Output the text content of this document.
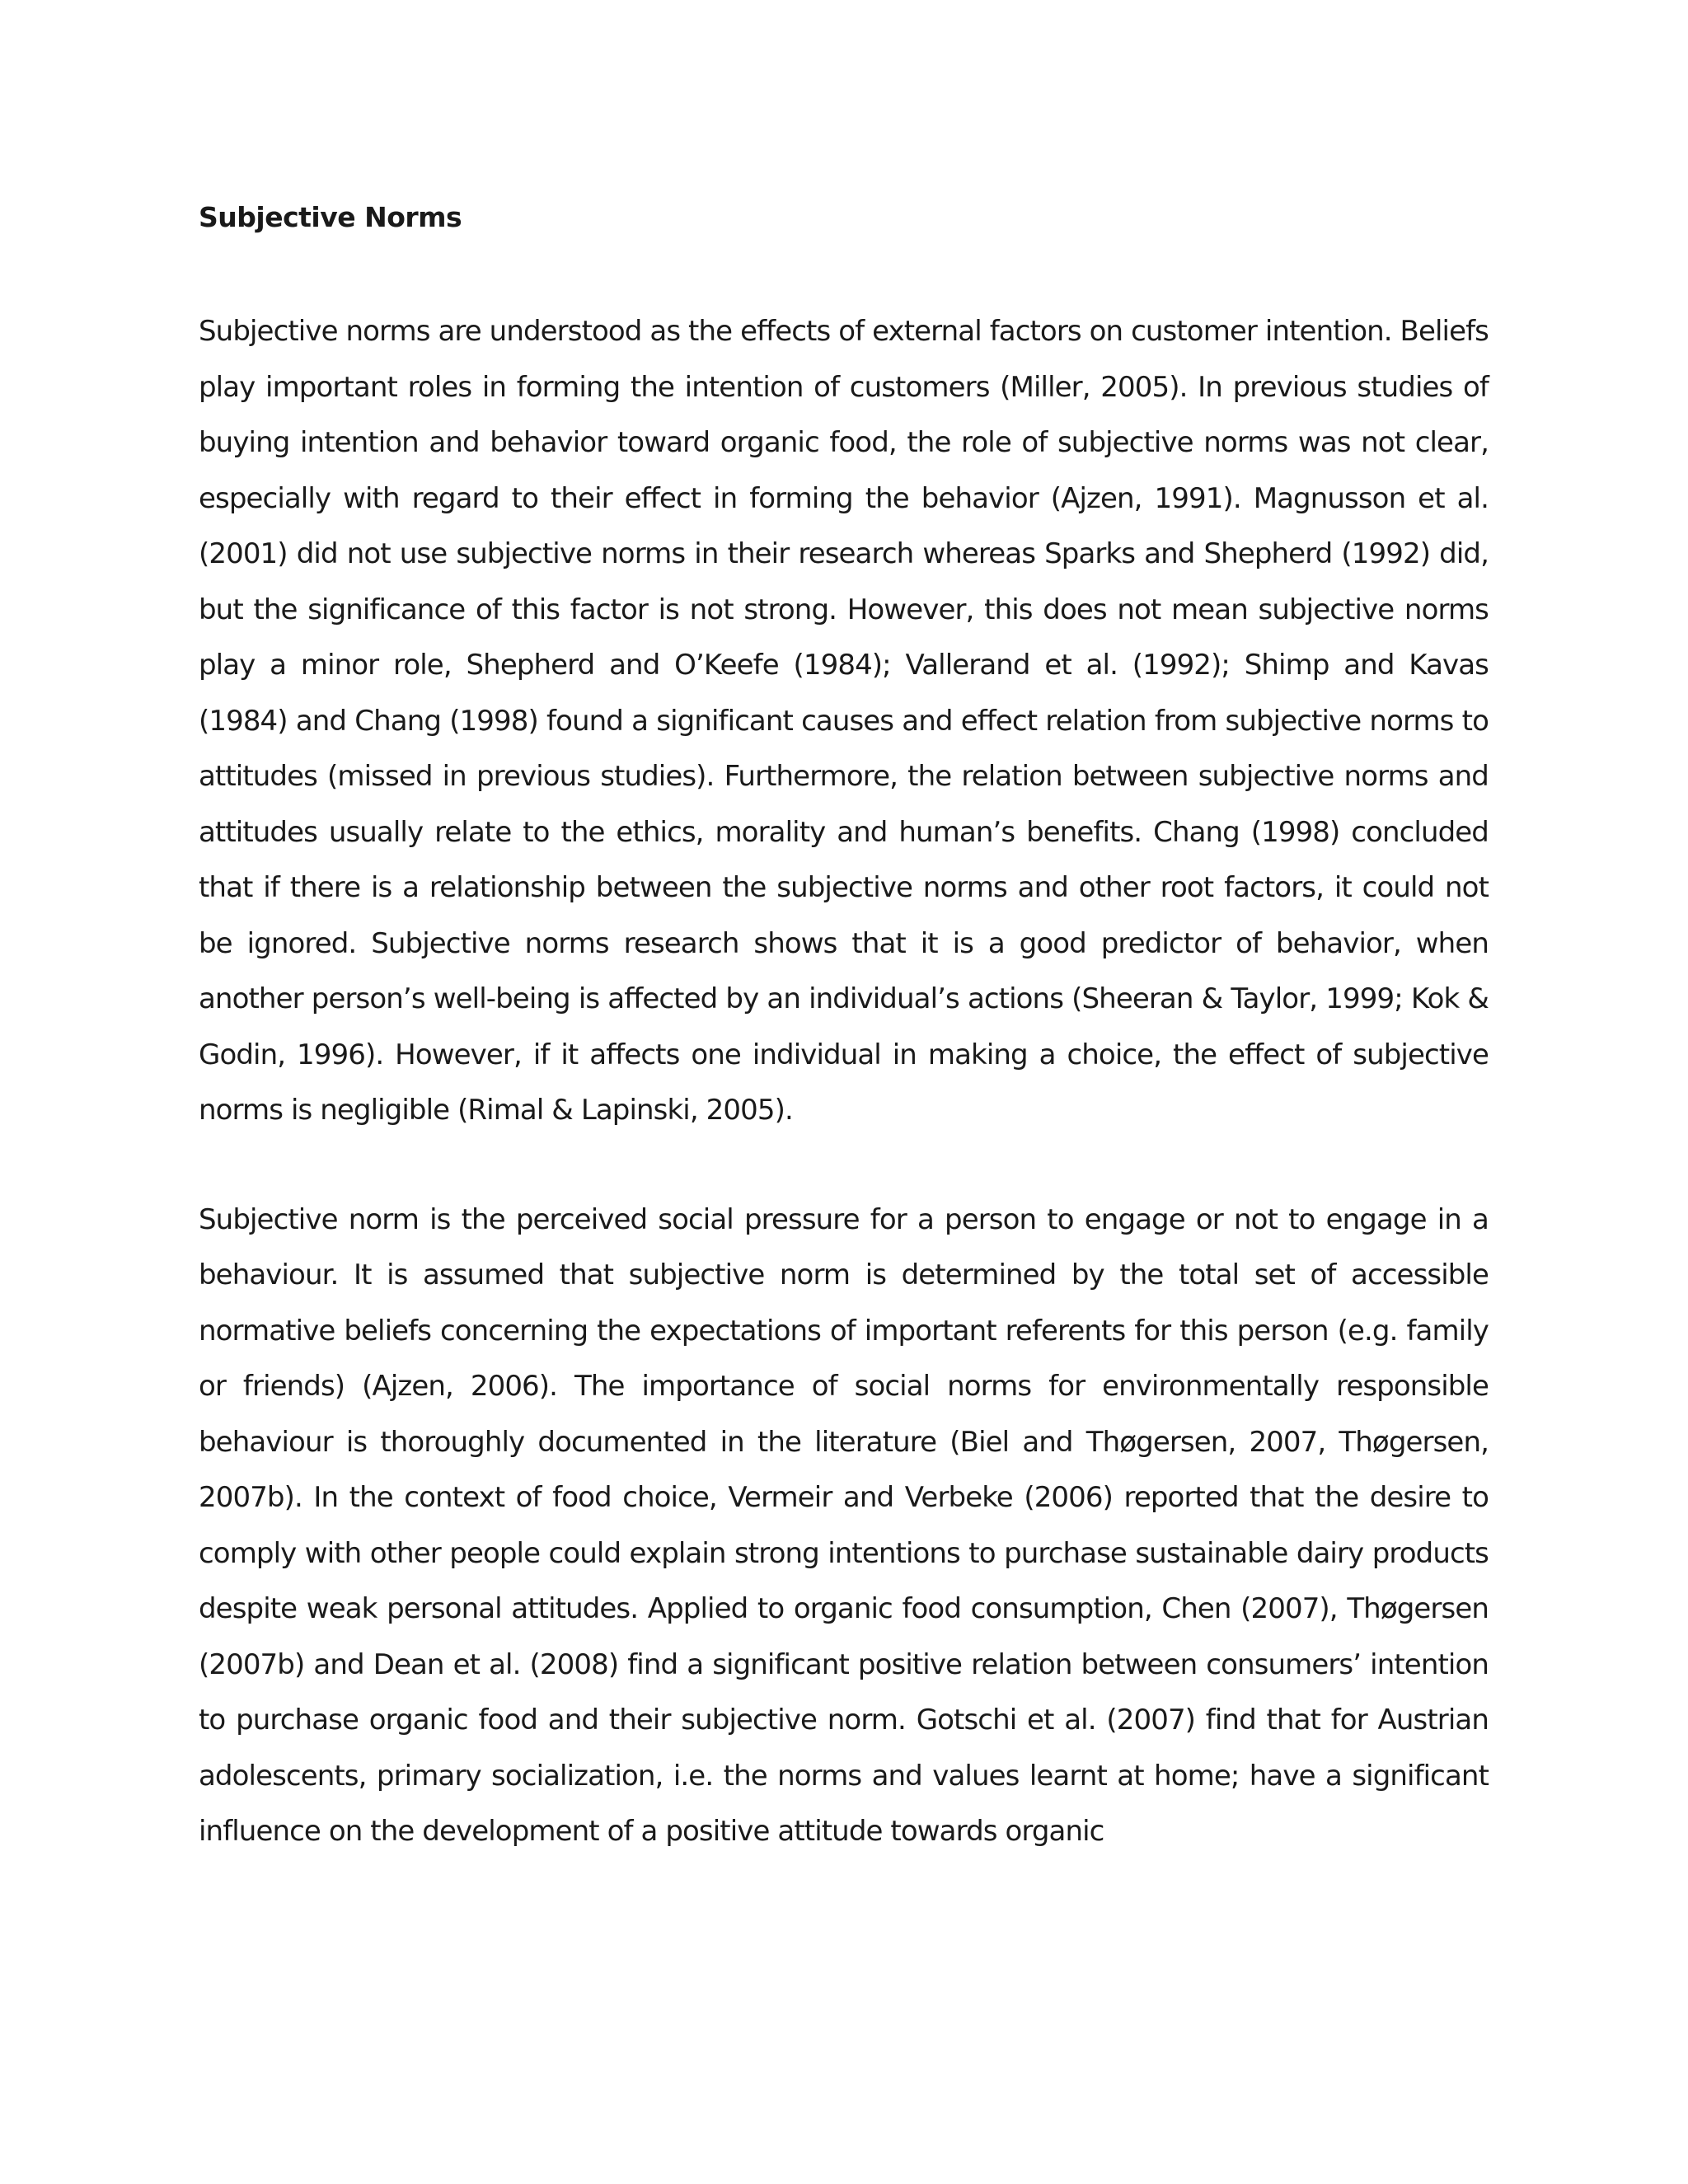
Subjective Norms

Subjective norms are understood as the effects of external factors on customer intention. Beliefs play important roles in forming the intention of customers (Miller, 2005). In previous studies of buying intention and behavior toward organic food, the role of subjective norms was not clear, especially with regard to their effect in forming the behavior (Ajzen, 1991). Magnusson et al. (2001) did not use subjective norms in their research whereas Sparks and Shepherd (1992) did, but the significance of this factor is not strong. However, this does not mean subjective norms play a minor role, Shepherd and O’Keefe (1984); Vallerand et al. (1992); Shimp and Kavas (1984) and Chang (1998) found a significant causes and effect relation from subjective norms to attitudes (missed in previous studies). Furthermore, the relation between subjective norms and attitudes usually relate to the ethics, morality and human’s benefits. Chang (1998) concluded that if there is a relationship between the subjective norms and other root factors, it could not be ignored. Subjective norms research shows that it is a good predictor of behavior, when another person’s well-being is affected by an individual’s actions (Sheeran & Taylor, 1999; Kok & Godin, 1996). However, if it affects one individual in making a choice, the effect of subjective norms is negligible (Rimal & Lapinski, 2005).

Subjective norm is the perceived social pressure for a person to engage or not to engage in a behaviour. It is assumed that subjective norm is determined by the total set of accessible normative beliefs concerning the expectations of important referents for this person (e.g. family or friends) (Ajzen, 2006). The importance of social norms for environmentally responsible behaviour is thoroughly documented in the literature (Biel and Thøgersen, 2007, Thøgersen, 2007b). In the context of food choice, Vermeir and Verbeke (2006) reported that the desire to comply with other people could explain strong intentions to purchase sustainable dairy products despite weak personal attitudes. Applied to organic food consumption, Chen (2007), Thøgersen (2007b) and Dean et al. (2008) find a significant positive relation between consumers’ intention to purchase organic food and their subjective norm. Gotschi et al. (2007) find that for Austrian adolescents, primary socialization, i.e. the norms and values learnt at home; have a significant influence on the development of a positive attitude towards organic
